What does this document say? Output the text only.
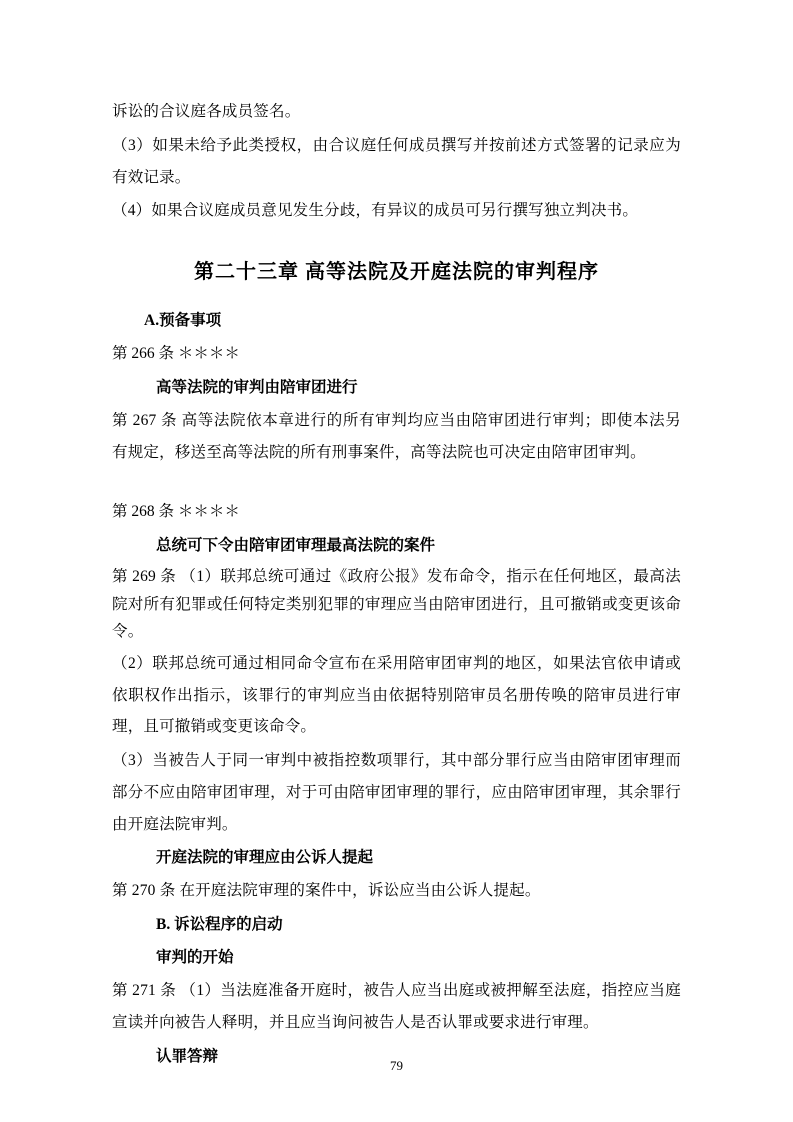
诉讼的合议庭各成员签名。

（3）如果未给予此类授权，由合议庭任何成员撰写并按前述方式签署的记录应为有效记录。

（4）如果合议庭成员意见发生分歧，有异议的成员可另行撰写独立判决书。

第二十三章 高等法院及开庭法院的审判程序

A.预备事项

第 266 条 ＊＊＊＊

高等法院的审判由陪审团进行

第 267 条 高等法院依本章进行的所有审判均应当由陪审团进行审判；即使本法另有规定，移送至高等法院的所有刑事案件，高等法院也可决定由陪审团审判。

第 268 条 ＊＊＊＊

总统可下令由陪审团审理最高法院的案件

第 269 条 （1）联邦总统可通过《政府公报》发布命令，指示在任何地区，最高法院对所有犯罪或任何特定类别犯罪的审理应当由陪审团进行，且可撤销或变更该命令。

（2）联邦总统可通过相同命令宣布在采用陪审团审判的地区，如果法官依申请或依职权作出指示，该罪行的审判应当由依据特别陪审员名册传唤的陪审员进行审理，且可撤销或变更该命令。

（3）当被告人于同一审判中被指控数项罪行，其中部分罪行应当由陪审团审理而部分不应由陪审团审理，对于可由陪审团审理的罪行，应由陪审团审理，其余罪行由开庭法院审判。

开庭法院的审理应由公诉人提起

第 270 条 在开庭法院审理的案件中，诉讼应当由公诉人提起。

B. 诉讼程序的启动

审判的开始

第 271 条 （1）当法庭准备开庭时，被告人应当出庭或被押解至法庭，指控应当庭宣读并向被告人释明，并且应当询问被告人是否认罪或要求进行审理。

认罪答辩

79
